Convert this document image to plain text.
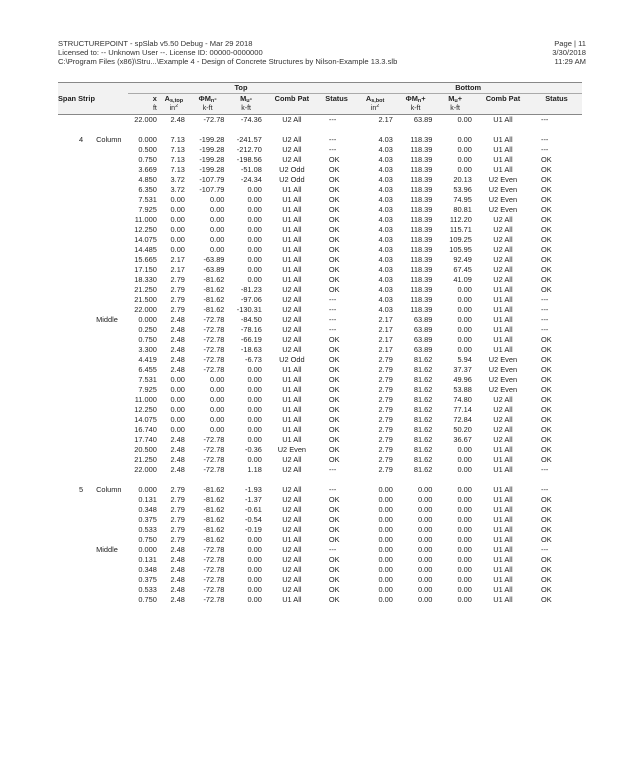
STRUCTUREPOINT - spSlab v5.50 Debug - Mar 29 2018	Page | 11
Licensed to: -- Unknown User --. License ID: 00000-0000000	3/30/2018
C:\Program Files (x86)\Stru...\Example 4 - Design of Concrete Structures by Nilson-Example 13.3.slb	11:29 AM
		Top						Bottom				
Span Strip		x	$A_{s,top}$	$\Phi M_n-$	$M_u-$	Comb Pat	Status	$A_{s,bot}$	$\Phi M_n+$	$M_u+$	Comb Pat	Status
		ft	$in^2$	k-ft	k-ft			$in^2$	k-ft	k-ft		
		22.000	2.48	-72.78	-74.36	U2 All	---	2.17	63.89	0.00	U1 All	---

4	Column	0.000	7.13	-199.28	-241.57	U2 All	---	4.03	118.39	0.00	U1 All	---
		0.500	7.13	-199.28	-212.70	U2 All	---	4.03	118.39	0.00	U1 All	---
		0.750	7.13	-199.28	-198.56	U2 All	OK	4.03	118.39	0.00	U1 All	OK
		3.669	7.13	-199.28	-51.08	U2 Odd	OK	4.03	118.39	0.00	U1 All	OK
		4.850	3.72	-107.79	-24.34	U2 Odd	OK	4.03	118.39	20.13	U2 Even	OK
		6.350	3.72	-107.79	0.00	U1 All	OK	4.03	118.39	53.96	U2 Even	OK
		7.531	0.00	0.00	0.00	U1 All	OK	4.03	118.39	74.95	U2 Even	OK
		7.925	0.00	0.00	0.00	U1 All	OK	4.03	118.39	80.81	U2 Even	OK
		11.000	0.00	0.00	0.00	U1 All	OK	4.03	118.39	112.20	U2 All	OK
		12.250	0.00	0.00	0.00	U1 All	OK	4.03	118.39	115.71	U2 All	OK
		14.075	0.00	0.00	0.00	U1 All	OK	4.03	118.39	109.25	U2 All	OK
		14.485	0.00	0.00	0.00	U1 All	OK	4.03	118.39	105.95	U2 All	OK
		15.665	2.17	-63.89	0.00	U1 All	OK	4.03	118.39	92.49	U2 All	OK
		17.150	2.17	-63.89	0.00	U1 All	OK	4.03	118.39	67.45	U2 All	OK
		18.330	2.79	-81.62	0.00	U1 All	OK	4.03	118.39	41.09	U2 All	OK
		21.250	2.79	-81.62	-81.23	U2 All	OK	4.03	118.39	0.00	U1 All	OK
		21.500	2.79	-81.62	-97.06	U2 All	---	4.03	118.39	0.00	U1 All	---
		22.000	2.79	-81.62	-130.31	U2 All	---	4.03	118.39	0.00	U1 All	---
	Middle	0.000	2.48	-72.78	-84.50	U2 All	---	2.17	63.89	0.00	U1 All	---
		0.250	2.48	-72.78	-78.16	U2 All	---	2.17	63.89	0.00	U1 All	---
		0.750	2.48	-72.78	-66.19	U2 All	OK	2.17	63.89	0.00	U1 All	OK
		3.300	2.48	-72.78	-18.63	U2 All	OK	2.17	63.89	0.00	U1 All	OK
		4.419	2.48	-72.78	-6.73	U2 Odd	OK	2.79	81.62	5.94	U2 Even	OK
		6.455	2.48	-72.78	0.00	U1 All	OK	2.79	81.62	37.37	U2 Even	OK
		7.531	0.00	0.00	0.00	U1 All	OK	2.79	81.62	49.96	U2 Even	OK
		7.925	0.00	0.00	0.00	U1 All	OK	2.79	81.62	53.88	U2 Even	OK
		11.000	0.00	0.00	0.00	U1 All	OK	2.79	81.62	74.80	U2 All	OK
		12.250	0.00	0.00	0.00	U1 All	OK	2.79	81.62	77.14	U2 All	OK
		14.075	0.00	0.00	0.00	U1 All	OK	2.79	81.62	72.84	U2 All	OK
		16.740	0.00	0.00	0.00	U1 All	OK	2.79	81.62	50.20	U2 All	OK
		17.740	2.48	-72.78	0.00	U1 All	OK	2.79	81.62	36.67	U2 All	OK
		20.500	2.48	-72.78	-0.36	U2 Even	OK	2.79	81.62	0.00	U1 All	OK
		21.250	2.48	-72.78	0.00	U2 All	OK	2.79	81.62	0.00	U1 All	OK
		22.000	2.48	-72.78	1.18	U2 All	---	2.79	81.62	0.00	U1 All	---

5	Column	0.000	2.79	-81.62	-1.93	U2 All	---	0.00	0.00	0.00	U1 All	---
		0.131	2.79	-81.62	-1.37	U2 All	OK	0.00	0.00	0.00	U1 All	OK
		0.348	2.79	-81.62	-0.61	U2 All	OK	0.00	0.00	0.00	U1 All	OK
		0.375	2.79	-81.62	-0.54	U2 All	OK	0.00	0.00	0.00	U1 All	OK
		0.533	2.79	-81.62	-0.19	U2 All	OK	0.00	0.00	0.00	U1 All	OK
		0.750	2.79	-81.62	0.00	U1 All	OK	0.00	0.00	0.00	U1 All	OK
	Middle	0.000	2.48	-72.78	0.00	U2 All	---	0.00	0.00	0.00	U1 All	---
		0.131	2.48	-72.78	0.00	U2 All	OK	0.00	0.00	0.00	U1 All	OK
		0.348	2.48	-72.78	0.00	U2 All	OK	0.00	0.00	0.00	U1 All	OK
		0.375	2.48	-72.78	0.00	U2 All	OK	0.00	0.00	0.00	U1 All	OK
		0.533	2.48	-72.78	0.00	U2 All	OK	0.00	0.00	0.00	U1 All	OK
		0.750	2.48	-72.78	0.00	U1 All	OK	0.00	0.00	0.00	U1 All	OK
